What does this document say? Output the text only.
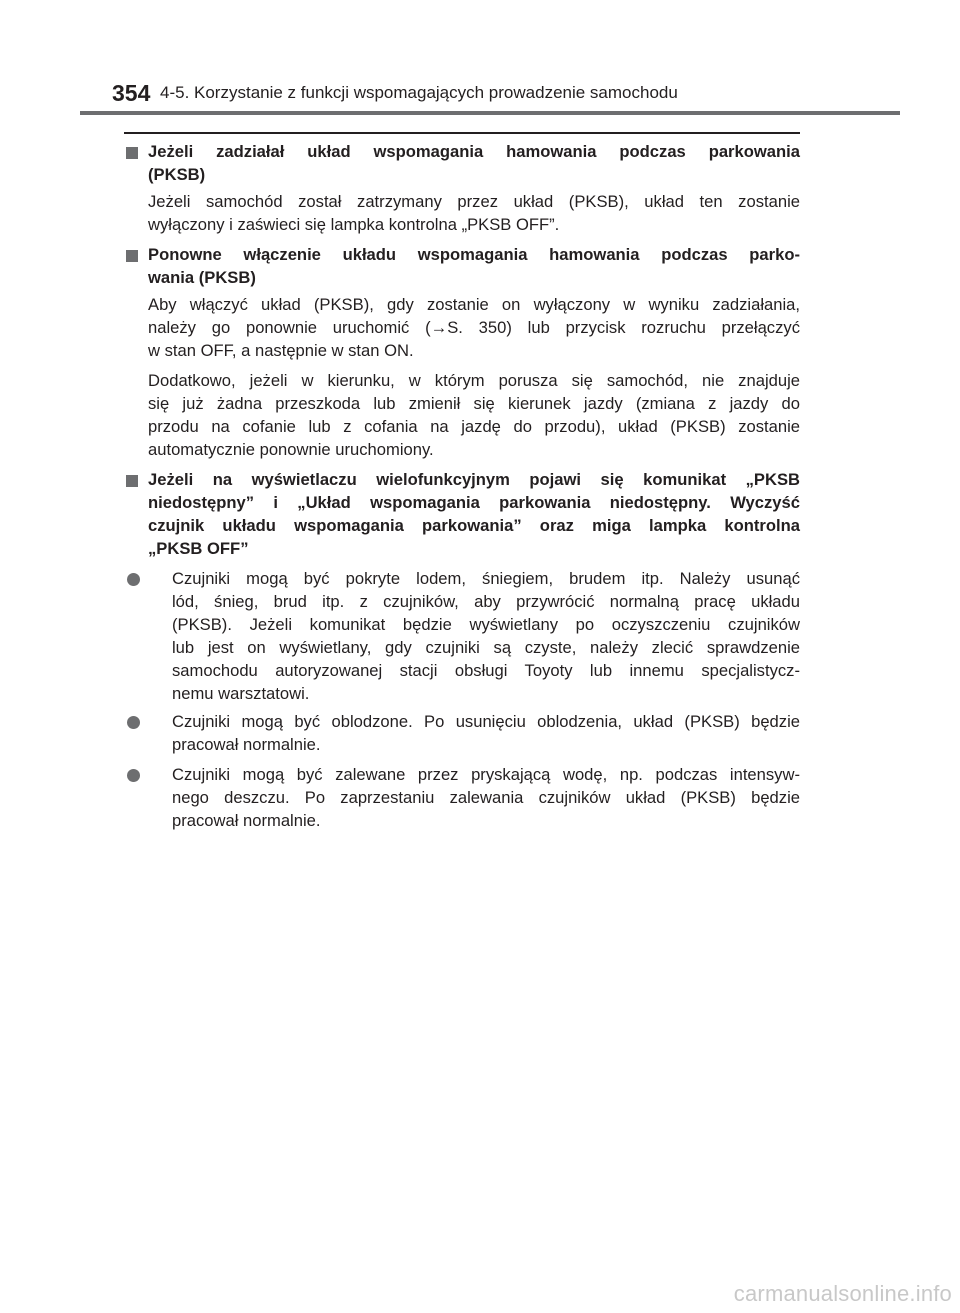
354 4-5. Korzystanie z funkcji wspomagających prowadzenie samochodu
Jeżeli zadziałał układ wspomagania hamowania podczas parkowania
(PKSB)
Jeżeli samochód został zatrzymany przez układ (PKSB), układ ten zostanie
wyłączony i zaświeci się lampka kontrolna „PKSB OFF”.
Ponowne włączenie układu wspomagania hamowania podczas parko-
wania (PKSB)
Aby włączyć układ (PKSB), gdy zostanie on wyłączony w wyniku zadziałania,
należy go ponownie uruchomić (→S. 350) lub przycisk rozruchu przełączyć
w stan OFF, a następnie w stan ON.
Dodatkowo, jeżeli w kierunku, w którym porusza się samochód, nie znajduje
się już żadna przeszkoda lub zmienił się kierunek jazdy (zmiana z jazdy do
przodu na cofanie lub z cofania na jazdę do przodu), układ (PKSB) zostanie
automatycznie ponownie uruchomiony.
Jeżeli na wyświetlaczu wielofunkcyjnym pojawi się komunikat „PKSB
niedostępny” i „Układ wspomagania parkowania niedostępny. Wyczyść
czujnik układu wspomagania parkowania” oraz miga lampka kontrolna
„PKSB OFF”
Czujniki mogą być pokryte lodem, śniegiem, brudem itp. Należy usunąć
lód, śnieg, brud itp. z czujników, aby przywrócić normalną pracę układu
(PKSB). Jeżeli komunikat będzie wyświetlany po oczyszczeniu czujników
lub jest on wyświetlany, gdy czujniki są czyste, należy zlecić sprawdzenie
samochodu autoryzowanej stacji obsługi Toyoty lub innemu specjalistycz-
nemu warsztatowi.
Czujniki mogą być oblodzone. Po usunięciu oblodzenia, układ (PKSB) będzie
pracował normalnie.
Czujniki mogą być zalewane przez pryskającą wodę, np. podczas intensyw-
nego deszczu. Po zaprzestaniu zalewania czujników układ (PKSB) będzie
pracował normalnie.
carmanualsonline.info
